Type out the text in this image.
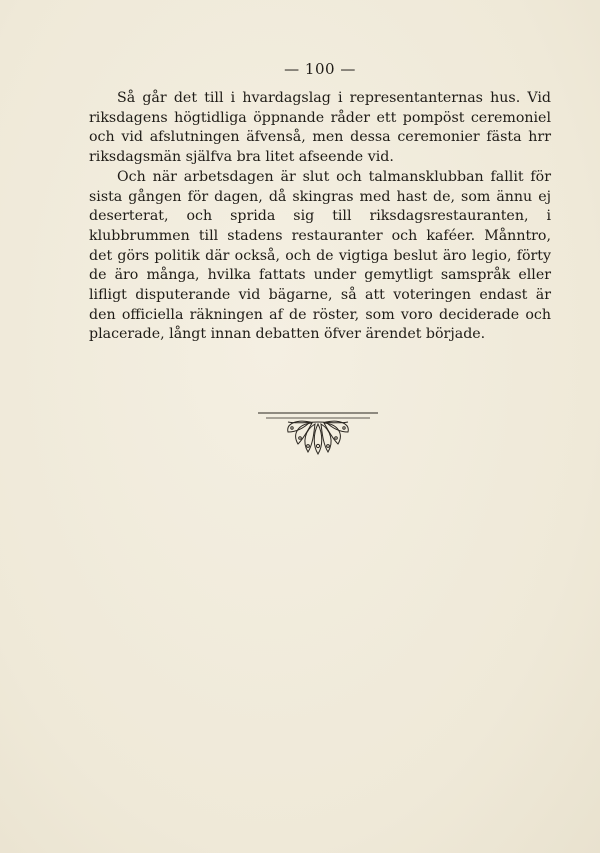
— 100 —

Så går det till i hvardagslag i representanternas hus. Vid riksdagens högtidliga öppnande råder ett pompöst ceremoniel och vid afslutningen äfvenså, men dessa ceremonier fästa hrr riksdagsmän själfva bra litet afseende vid.

Och när arbetsdagen är slut och talmansklubban fallit för sista gången för dagen, då skingras med hast de, som ännu ej deserterat, och sprida sig till riksdagsrestauranten, i klubbrummen till stadens restauranter och kaféer. Månntro, det görs politik där också, och de vigtiga beslut äro legio, förty de äro många, hvilka fattats under gemytligt samspråk eller lifligt disputerande vid bägarne, så att voteringen endast är den officiella räkningen af de röster, som voro deciderade och placerade, långt innan debatten öfver ärendet började.
